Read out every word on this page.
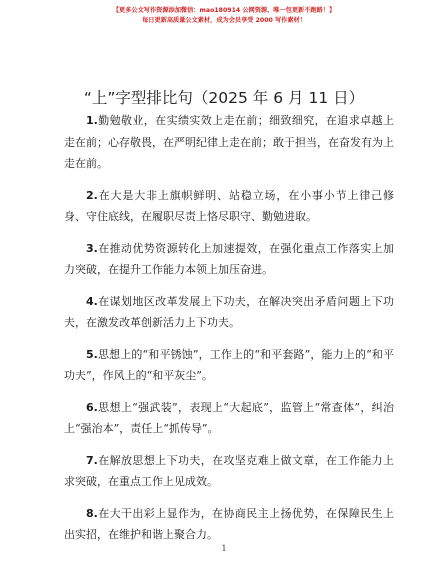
【更多公文写作资源添加微信：mao180914 公网资源，唯一包更新不跑路！】
每日更新高质量公文素材，成为会员享受 2000 写作素材！
“上”字型排比句（2025 年 6 月 11 日）

1.勤勉敬业，在实绩实效上走在前；细致细究，在追求卓越上走在前；心存敬畏，在严明纪律上走在前；敢于担当，在奋发有为上走在前。

2.在大是大非上旗帜鲜明、站稳立场，在小事小节上律己修身、守住底线，在履职尽责上恪尽职守、勤勉进取。

3.在推动优势资源转化上加速提效，在强化重点工作落实上加力突破，在提升工作能力本领上加压奋进。

4.在谋划地区改革发展上下功夫，在解决突出矛盾问题上下功夫，在激发改革创新活力上下功夫。

5.思想上的“和平锈蚀”，工作上的“和平套路”，能力上的“和平功夫”，作风上的“和平灰尘”。

6.思想上“强武装”，表现上“大起底”，监管上“常查体”，纠治上“强治本”，责任上“抓传导”。

7.在解放思想上下功夫，在攻坚克难上做文章，在工作能力上求突破，在重点工作上见成效。

8.在大干出彩上显作为，在协商民主上扬优势，在保障民生上出实招，在维护和谐上聚合力。

1
